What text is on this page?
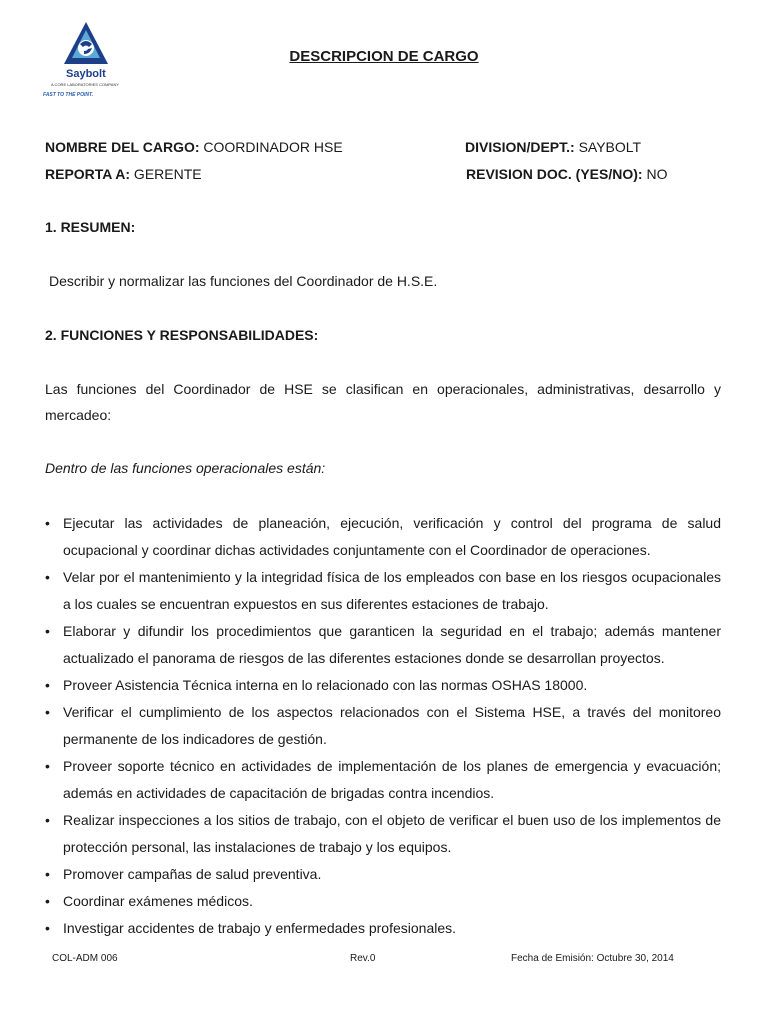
Saybolt
A CORE LABORATORIES COMPANY
FAST TO THE POINT.
DESCRIPCION DE CARGO
NOMBRE DEL CARGO: COORDINADOR HSE	DIVISION/DEPT.: SAYBOLT
REPORTA A: GERENTE	REVISION DOC. (YES/NO): NO
1. RESUMEN:
Describir y normalizar las funciones del Coordinador de H.S.E.
2. FUNCIONES Y RESPONSABILIDADES:
Las funciones del Coordinador de HSE se clasifican en operacionales, administrativas, desarrollo y mercadeo:
Dentro de las funciones operacionales están:
• Ejecutar las actividades de planeación, ejecución, verificación y control del programa de salud ocupacional y coordinar dichas actividades conjuntamente con el Coordinador de operaciones.
• Velar por el mantenimiento y la integridad física de los empleados con base en los riesgos ocupacionales a los cuales se encuentran expuestos en sus diferentes estaciones de trabajo.
• Elaborar y difundir los procedimientos que garanticen la seguridad en el trabajo; además mantener actualizado el panorama de riesgos de las diferentes estaciones donde se desarrollan proyectos.
• Proveer Asistencia Técnica interna en lo relacionado con las normas OSHAS 18000.
• Verificar el cumplimiento de los aspectos relacionados con el Sistema HSE, a través del monitoreo permanente de los indicadores de gestión.
• Proveer soporte técnico en actividades de implementación de los planes de emergencia y evacuación; además en actividades de capacitación de brigadas contra incendios.
• Realizar inspecciones a los sitios de trabajo, con el objeto de verificar el buen uso de los implementos de protección personal, las instalaciones de trabajo y los equipos.
• Promover campañas de salud preventiva.
• Coordinar exámenes médicos.
• Investigar accidentes de trabajo y enfermedades profesionales.
COL-ADM 006	Rev.0	Fecha de Emisión: Octubre 30, 2014
